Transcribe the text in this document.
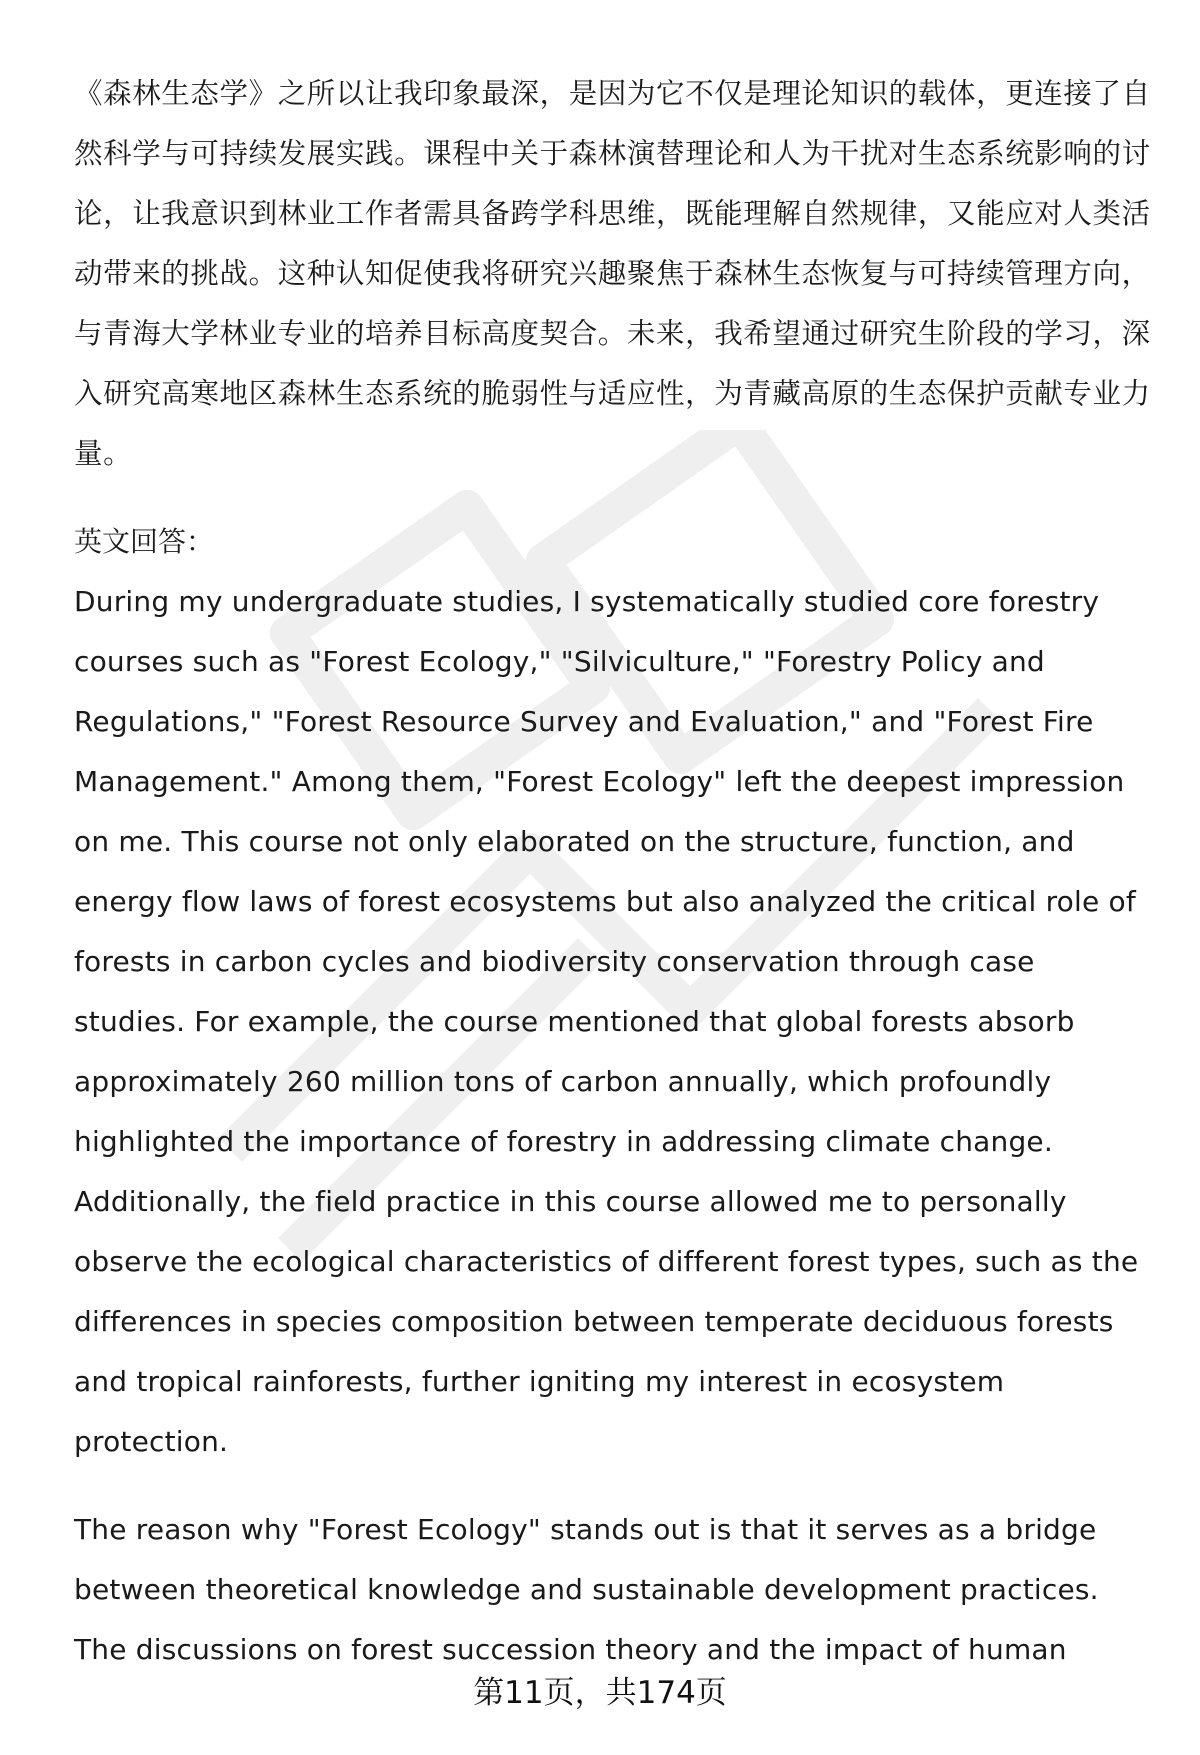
《森林生态学》之所以让我印象最深，是因为它不仅是理论知识的载体，更连接了自然科学与可持续发展实践。课程中关于森林演替理论和人为干扰对生态系统影响的讨论，让我意识到林业工作者需具备跨学科思维，既能理解自然规律，又能应对人类活动带来的挑战。这种认知促使我将研究兴趣聚焦于森林生态恢复与可持续管理方向，与青海大学林业专业的培养目标高度契合。未来，我希望通过研究生阶段的学习，深入研究高寒地区森林生态系统的脆弱性与适应性，为青藏高原的生态保护贡献专业力量。

英文回答：

During my undergraduate studies, I systematically studied core forestry courses such as "Forest Ecology," "Silviculture," "Forestry Policy and Regulations," "Forest Resource Survey and Evaluation," and "Forest Fire Management." Among them, "Forest Ecology" left the deepest impression on me. This course not only elaborated on the structure, function, and energy flow laws of forest ecosystems but also analyzed the critical role of forests in carbon cycles and biodiversity conservation through case studies. For example, the course mentioned that global forests absorb approximately 260 million tons of carbon annually, which profoundly highlighted the importance of forestry in addressing climate change. Additionally, the field practice in this course allowed me to personally observe the ecological characteristics of different forest types, such as the differences in species composition between temperate deciduous forests and tropical rainforests, further igniting my interest in ecosystem protection.

The reason why "Forest Ecology" stands out is that it serves as a bridge between theoretical knowledge and sustainable development practices. The discussions on forest succession theory and the impact of human

第11页，共174页
